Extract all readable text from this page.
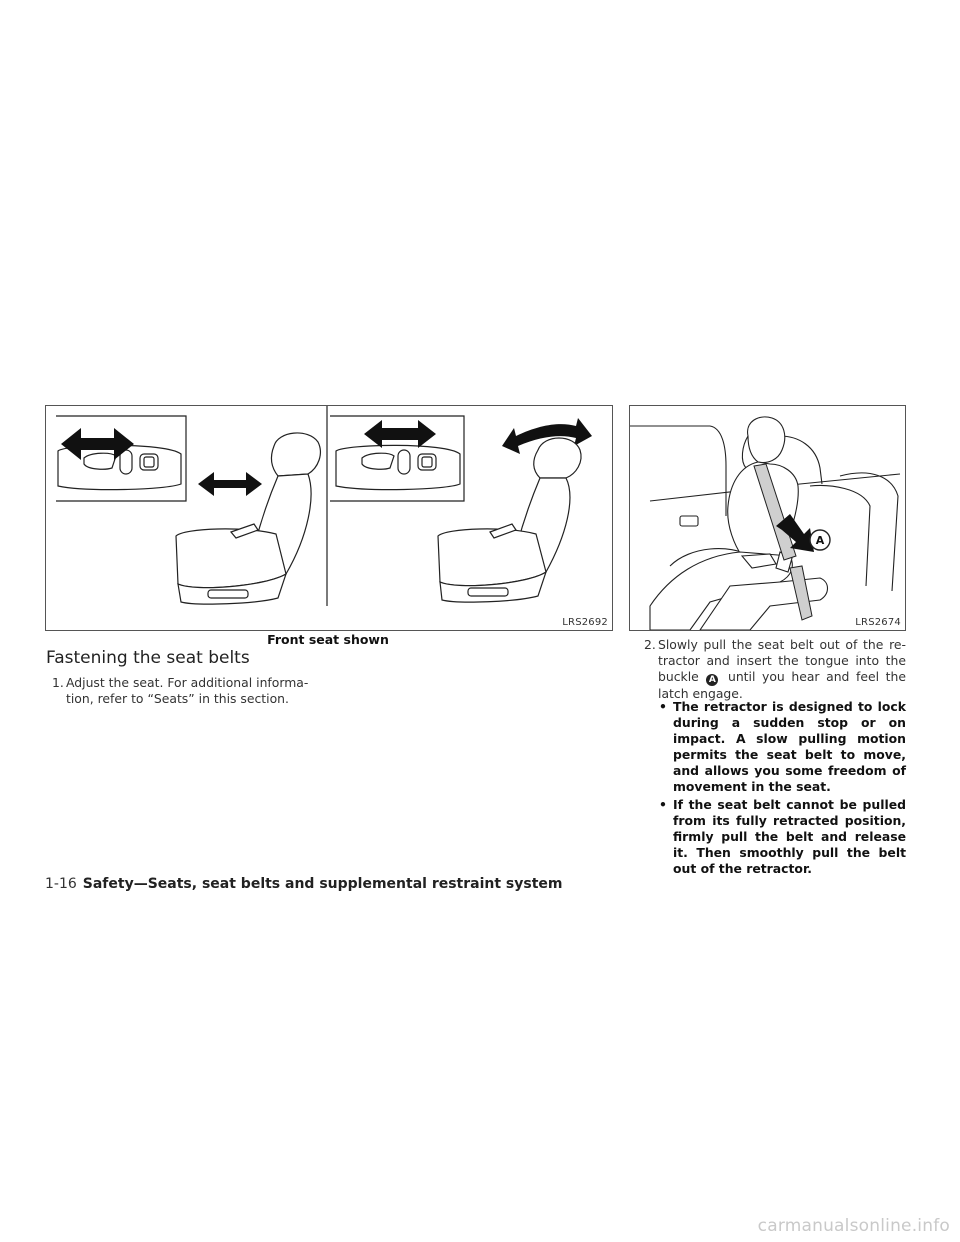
LRS2692
Front seat shown
A
LRS2674
Fastening the seat belts
1. Adjust the seat. For additional informa-
tion, refer to “Seats” in this section.
2. Slowly pull the seat belt out of the re- tractor and insert the tongue into the buckle A until you hear and feel the latch engage.
• The retractor is designed to lock during a sudden stop or on impact. A slow pulling motion permits the seat belt to move, and allows you some freedom of movement in the seat.
• If the seat belt cannot be pulled from its fully retracted position, firmly pull the belt and release it. Then smoothly pull the belt out of the retractor.
1-16 Safety—Seats, seat belts and supplemental restraint system
carmanualsonline.info
